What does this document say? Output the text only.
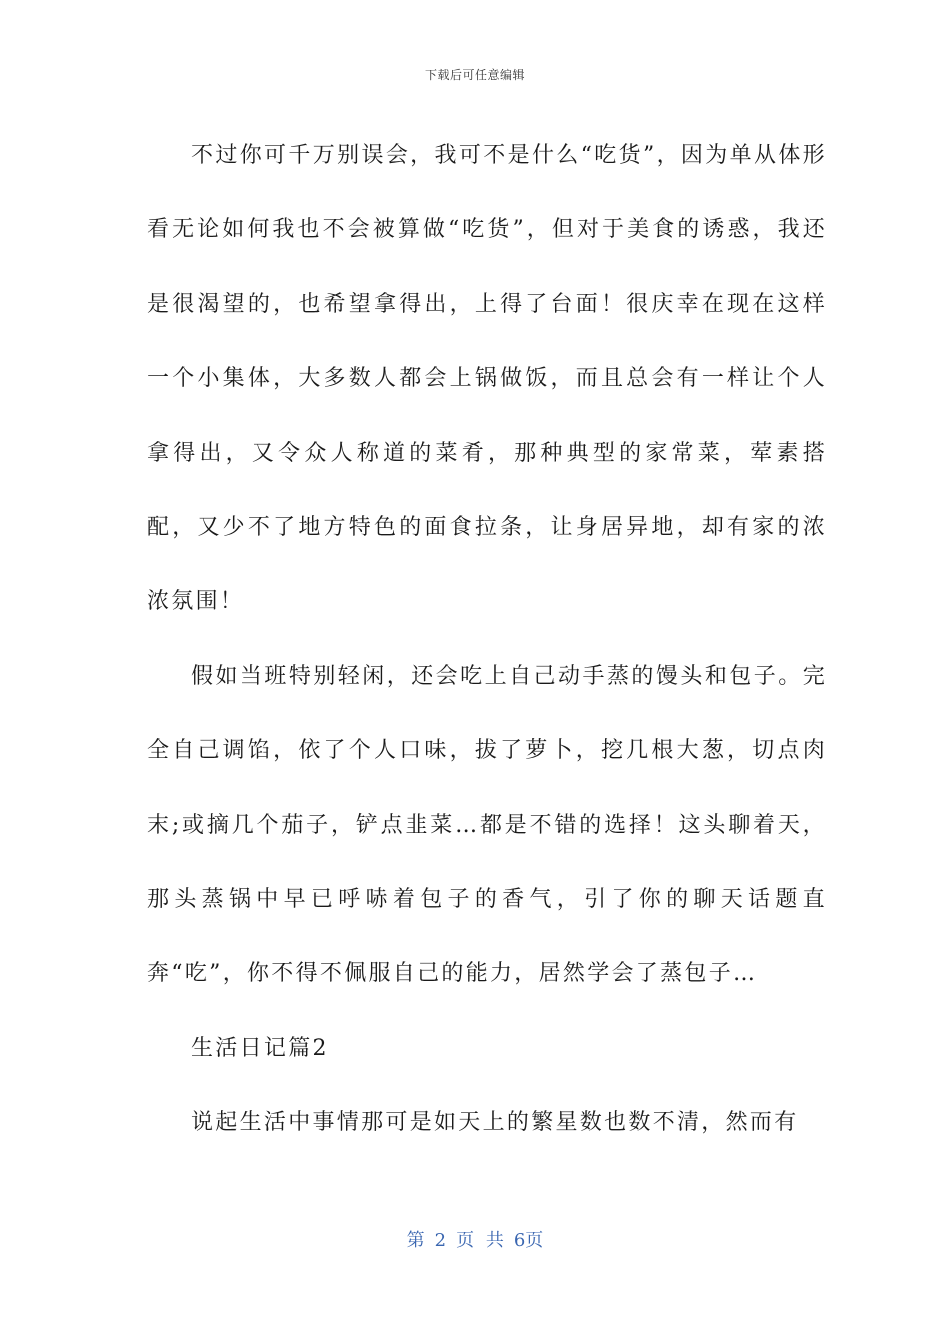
下载后可任意编辑

不过你可千万别误会，我可不是什么“吃货”，因为单从体形看无论如何我也不会被算做“吃货”，但对于美食的诱惑，我还是很渴望的，也希望拿得出，上得了台面！很庆幸在现在这样一个小集体，大多数人都会上锅做饭，而且总会有一样让个人拿得出，又令众人称道的菜肴，那种典型的家常菜，荤素搭配，又少不了地方特色的面食拉条，让身居异地，却有家的浓浓氛围！

假如当班特别轻闲，还会吃上自己动手蒸的馒头和包子。完全自己调馅，依了个人口味，拔了萝卜，挖几根大葱，切点肉末;或摘几个茄子，铲点韭菜…都是不错的选择！这头聊着天，那头蒸锅中早已呼哧着包子的香气，引了你的聊天话题直奔“吃”，你不得不佩服自己的能力，居然学会了蒸包子…

生活日记篇2

说起生活中事情那可是如天上的繁星数也数不清，然而有

第 2 页 共 6页
